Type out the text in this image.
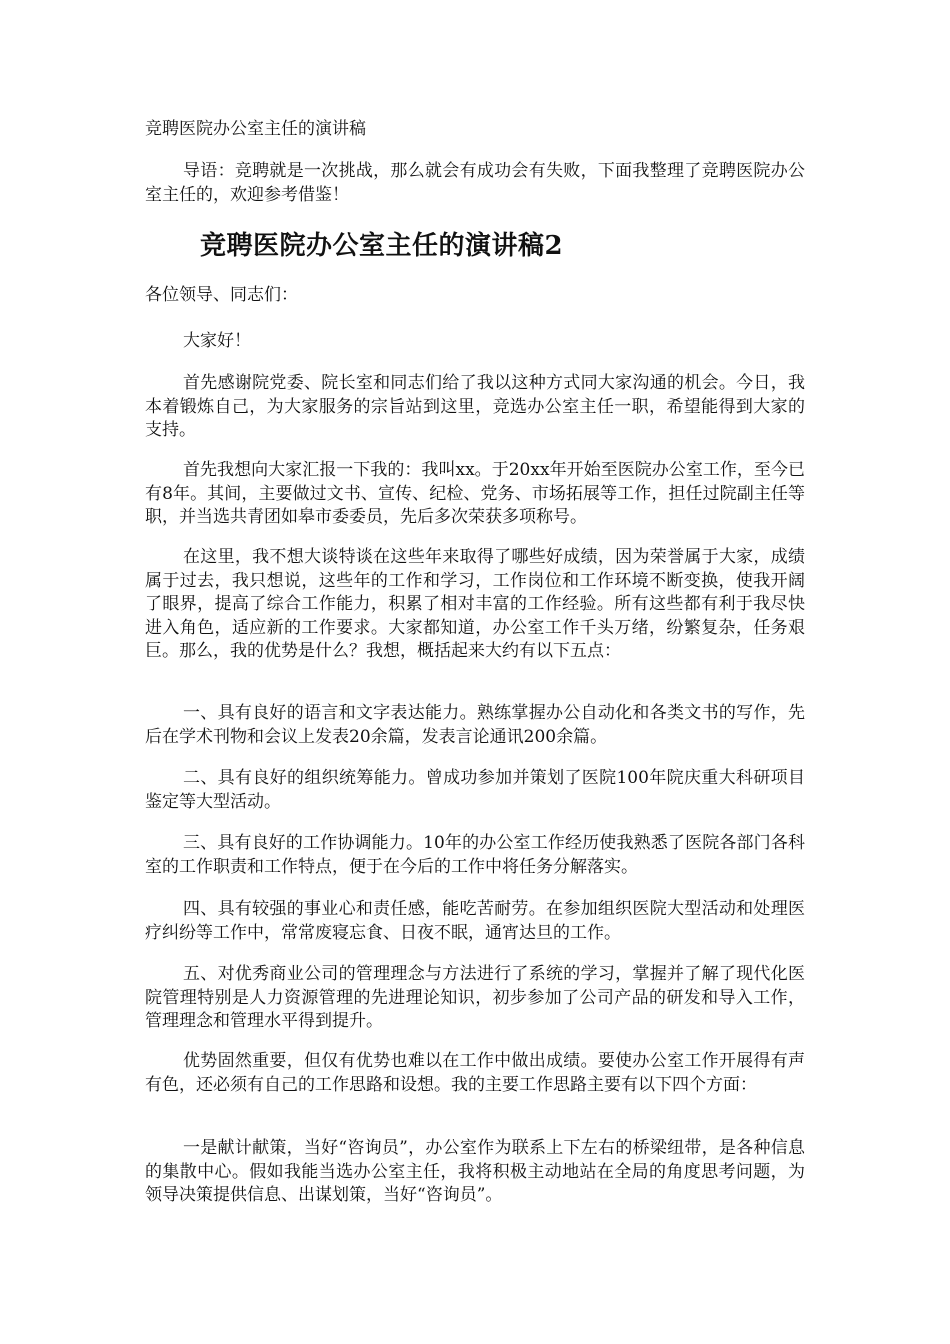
竞聘医院办公室主任的演讲稿

导语：竞聘就是一次挑战，那么就会有成功会有失败，下面我整理了竞聘医院办公室主任的，欢迎参考借鉴！

竞聘医院办公室主任的演讲稿2

各位领导、同志们：

大家好！

首先感谢院党委、院长室和同志们给了我以这种方式同大家沟通的机会。今日，我本着锻炼自己，为大家服务的宗旨站到这里，竞选办公室主任一职，希望能得到大家的支持。

首先我想向大家汇报一下我的：我叫xx。于20xx年开始至医院办公室工作，至今已有8年。其间，主要做过文书、宣传、纪检、党务、市场拓展等工作，担任过院副主任等职，并当选共青团如皋市委委员，先后多次荣获多项称号。

在这里，我不想大谈特谈在这些年来取得了哪些好成绩，因为荣誉属于大家，成绩属于过去，我只想说，这些年的工作和学习，工作岗位和工作环境不断变换，使我开阔了眼界，提高了综合工作能力，积累了相对丰富的工作经验。所有这些都有利于我尽快进入角色，适应新的工作要求。大家都知道，办公室工作千头万绪，纷繁复杂，任务艰巨。那么，我的优势是什么？我想，概括起来大约有以下五点：

一、具有良好的语言和文字表达能力。熟练掌握办公自动化和各类文书的写作，先后在学术刊物和会议上发表20余篇，发表言论通讯200余篇。

二、具有良好的组织统筹能力。曾成功参加并策划了医院100年院庆重大科研项目鉴定等大型活动。

三、具有良好的工作协调能力。10年的办公室工作经历使我熟悉了医院各部门各科室的工作职责和工作特点，便于在今后的工作中将任务分解落实。

四、具有较强的事业心和责任感，能吃苦耐劳。在参加组织医院大型活动和处理医疗纠纷等工作中，常常废寝忘食、日夜不眠，通宵达旦的工作。

五、对优秀商业公司的管理理念与方法进行了系统的学习，掌握并了解了现代化医院管理特别是人力资源管理的先进理论知识，初步参加了公司产品的研发和导入工作，管理理念和管理水平得到提升。

优势固然重要，但仅有优势也难以在工作中做出成绩。要使办公室工作开展得有声有色，还必须有自己的工作思路和设想。我的主要工作思路主要有以下四个方面：

一是献计献策，当好“咨询员”，办公室作为联系上下左右的桥梁纽带，是各种信息的集散中心。假如我能当选办公室主任，我将积极主动地站在全局的角度思考问题，为领导决策提供信息、出谋划策，当好“咨询员”。
